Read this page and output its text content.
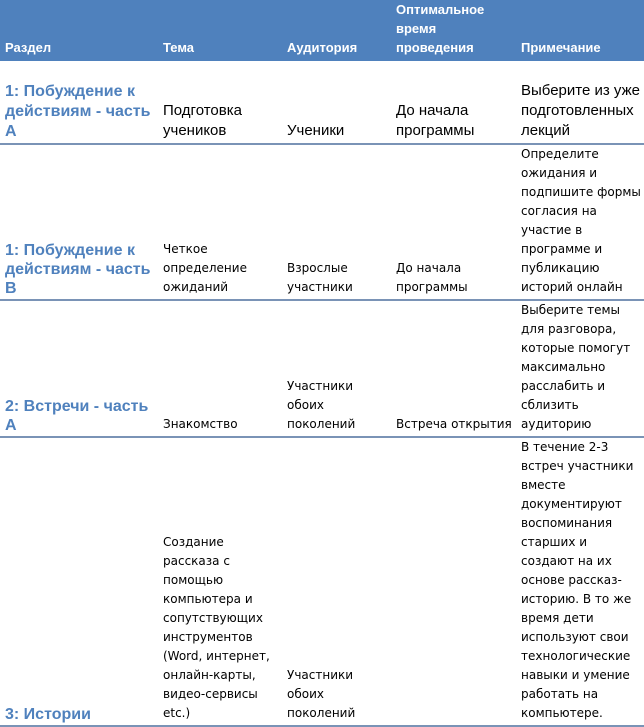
Раздел	Тема	Аудитория	Оптимальное время проведения	Примечание
1: Побуждение к действиям - часть А	Подготовка учеников	Ученики	До начала программы	Выберите из уже подготовленных лекций
1: Побуждение к действиям - часть B	Четкое определение ожиданий	Взрослые участники	До начала программы	Определите ожидания и подпишите формы согласия на участие в программе и публикацию историй онлайн
2: Встречи - часть А	Знакомство	Участники обоих поколений	Встреча открытия	Выберите темы для разговора, которые помогут максимально расслабить и сблизить аудиторию
3: Истории	Создание рассказа с помощью компьютера и сопутствующих инструментов (Word, интернет, онлайн-карты, видео-сервисы etc.)	Участники обоих поколений		В течение 2-3 встреч участники вместе документируют воспоминания старших и создают на их основе рассказ-историю. В то же время дети используют свои технологические навыки и умение работать на компьютере.
